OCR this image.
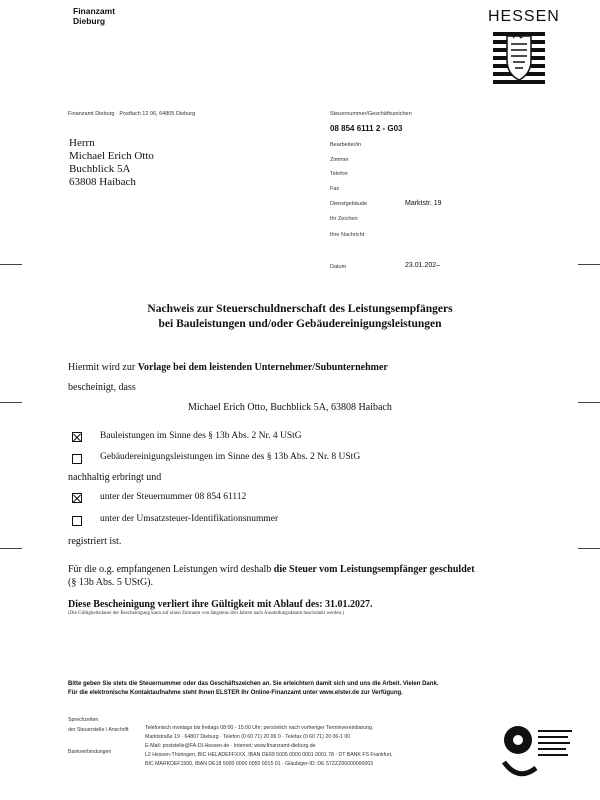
Finanzamt
Dieburg	HESSEN
Finanzamt Dieburg · Postfach 12 06, 64805 Dieburg
Herrn
Michael Erich Otto
Buchblick 5A
63808 Haibach
Steuernummer/Geschäftszeichen
08 854 6111 2 - G03
Bearbeiter/in
Zimmer
Telefon
Fax
Dienstgebäude	Marktstr. 19
Ihr Zeichen
Ihre Nachricht
Datum	23.01.202–
Nachweis zur Steuerschuldnerschaft des Leistungsempfängers
bei Bauleistungen und/oder Gebäudereinigungsleistungen
Hiermit wird zur Vorlage bei dem leistenden Unternehmer/Subunternehmer
bescheinigt, dass
Michael Erich Otto, Buchblick 5A, 63808 Haibach
Bauleistungen im Sinne des § 13b Abs. 2 Nr. 4 UStG
Gebäudereinigungsleistungen im Sinne des § 13b Abs. 2 Nr. 8 UStG
nachhaltig erbringt und
unter der Steuernummer 08 854 61112
unter der Umsatzsteuer-Identifikationsnummer
registriert ist.
Für die o.g. empfangenen Leistungen wird deshalb die Steuer vom Leistungsempfänger geschuldet
(§ 13b Abs. 5 UStG).
Diese Bescheinigung verliert ihre Gültigkeit mit Ablauf des: 31.01.2027.
(Die Gültigkeitsdauer der Bescheinigung kann auf einen Zeitraum von längstens drei Jahren nach Ausstellungsdatum beschränkt werden.)
Bitte geben Sie stets die Steuernummer oder das Geschäftszeichen an. Sie erleichtern damit sich und uns die Arbeit. Vielen Dank.
Für die elektronische Kontaktaufnahme steht Ihnen ELSTER Ihr Online-Finanzamt unter www.elster.de zur Verfügung.
Sprechzeiten
Telefonisch montags bis freitags 08:00 - 15:00 Uhr; persönlich nach vorheriger Terminvereinbarung.
der Steuerstelle / Anschrift
Marktstraße 19 · 64807 Dieburg · Telefon (0 60 71) 20 06 0 · Telefax (0 60 71) 20 06-1 00
E-Mail: poststelle@FA-DI.Hessen.de · Internet: www.finanzamt-dieburg.de
Bankverbindungen	L2 Hessen-Thüringen, BIC HELADEFFXXX, IBAN DE69 5005 0000 0001 0001 78 · DT BANK FS Frankfurt,
BIC MARKDEF1500, IBAN DE18 5000 0000 0050 0015 01 · Gläubiger-ID: DE 57ZZZ00000000003
